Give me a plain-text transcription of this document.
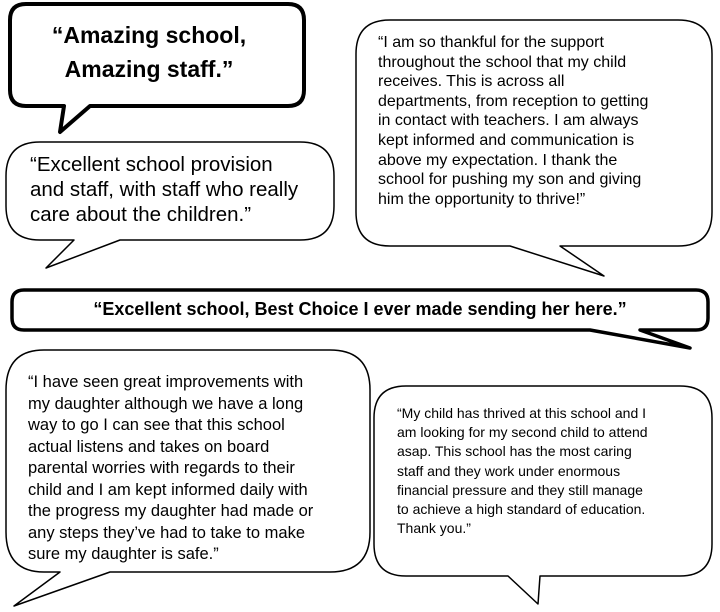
“Amazing school,
Amazing staff.”
“Excellent school provision
and staff, with staff who really
care about the children.”
“I am so thankful for the support
throughout the school that my child
receives. This is across all
departments, from reception to getting
in contact with teachers. I am always
kept informed and communication is
above my expectation. I thank the
school for pushing my son and giving
him the opportunity to thrive!”
“Excellent school, Best Choice I ever made sending her here.”
“I have seen great improvements with
my daughter although we have a long
way to go I can see that this school
actual listens and takes on board
parental worries with regards to their
child and I am kept informed daily with
the progress my daughter had made or
any steps they’ve had to take to make
sure my daughter is safe.”
“My child has thrived at this school and I
am looking for my second child to attend
asap. This school has the most caring
staff and they work under enormous
financial pressure and they still manage
to achieve a high standard of education.
Thank you.”
